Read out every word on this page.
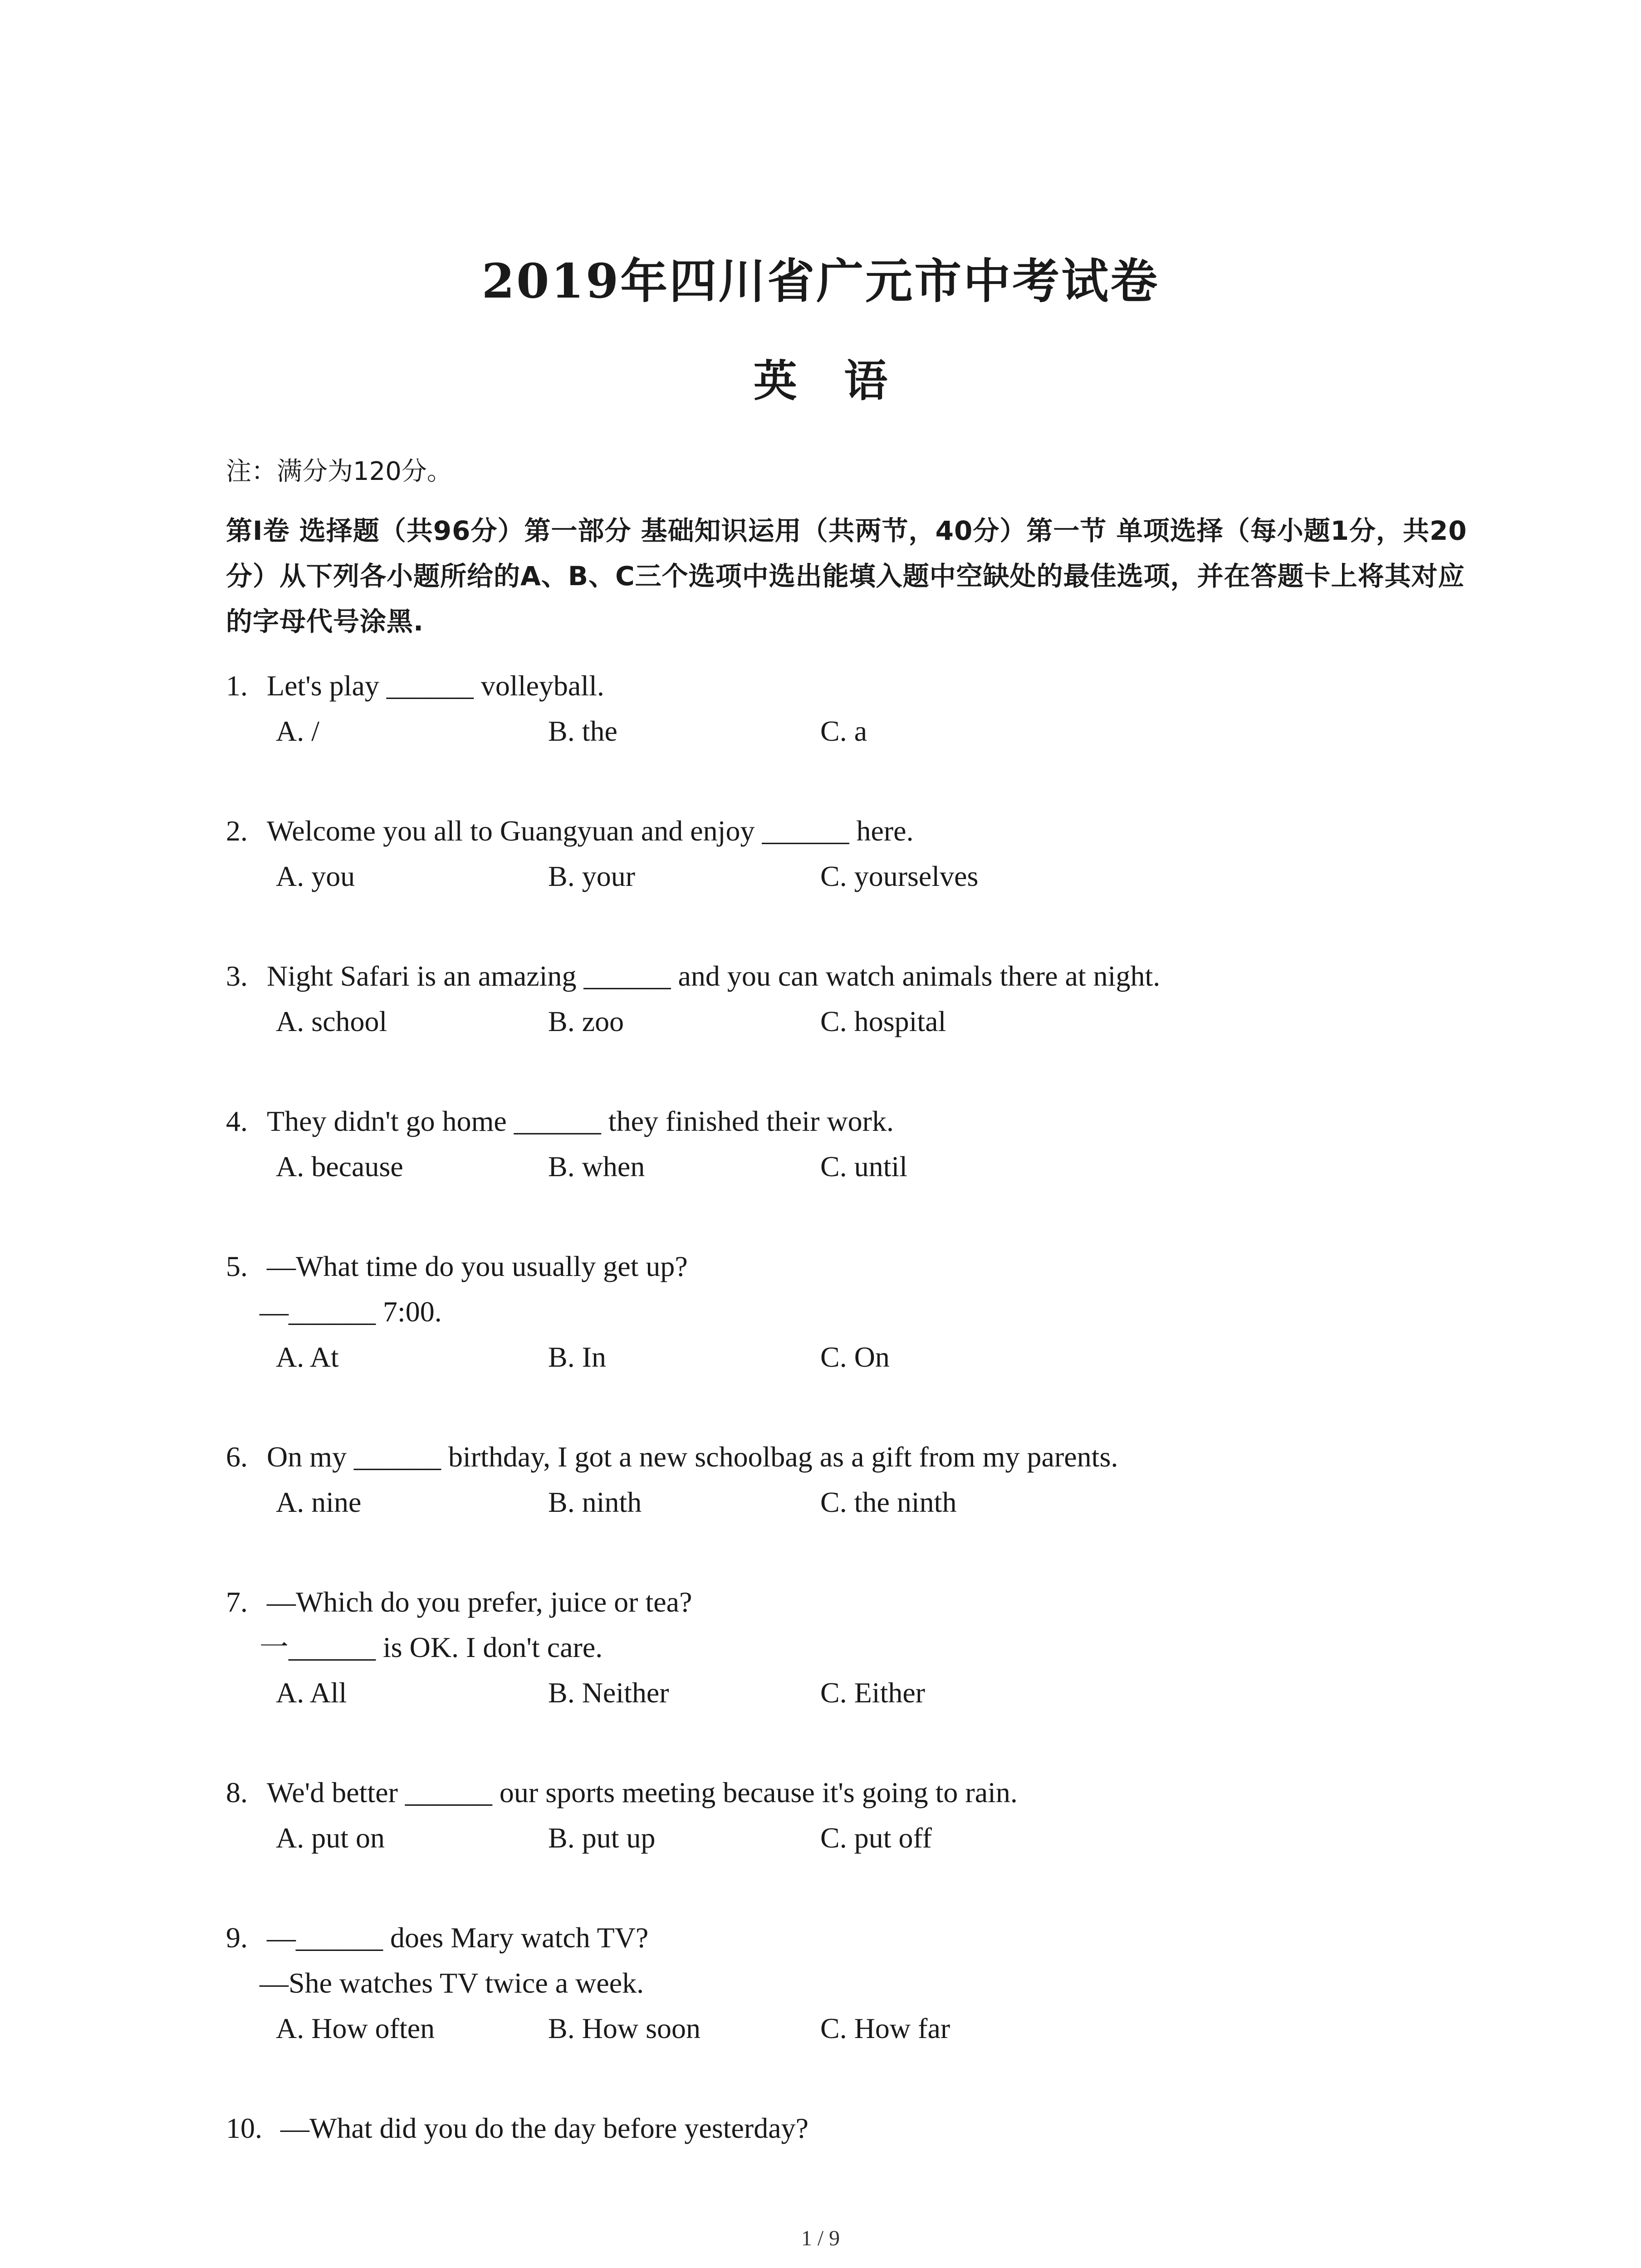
2019年四川省广元市中考试卷
英 语
注：满分为120分。
第Ⅰ卷 选择题（共96分）第一部分 基础知识运用（共两节，40分）第一节 单项选择（每小题1分，共20分）从下列各小题所给的A、B、C三个选项中选出能填入题中空缺处的最佳选项，并在答题卡上将其对应的字母代号涂黑.
1. Let's play ______ volleyball.
A. /	B. the	C. a
2. Welcome you all to Guangyuan and enjoy ______ here.
A. you	B. your	C. yourselves
3. Night Safari is an amazing ______ and you can watch animals there at night.
A. school	B. zoo	C. hospital
4. They didn't go home ______ they finished their work.
A. because	B. when	C. until
5. —What time do you usually get up?
—______ 7:00.
A. At	B. In	C. On
6. On my ______ birthday, I got a new schoolbag as a gift from my parents.
A. nine	B. ninth	C. the ninth
7. —Which do you prefer, juice or tea?
一______ is OK. I don't care.
A. All	B. Neither	C. Either
8. We'd better ______ our sports meeting because it's going to rain.
A. put on	B. put up	C. put off
9. —______ does Mary watch TV?
—She watches TV twice a week.
A. How often	B. How soon	C. How far
10. —What did you do the day before yesterday?
1 / 9
